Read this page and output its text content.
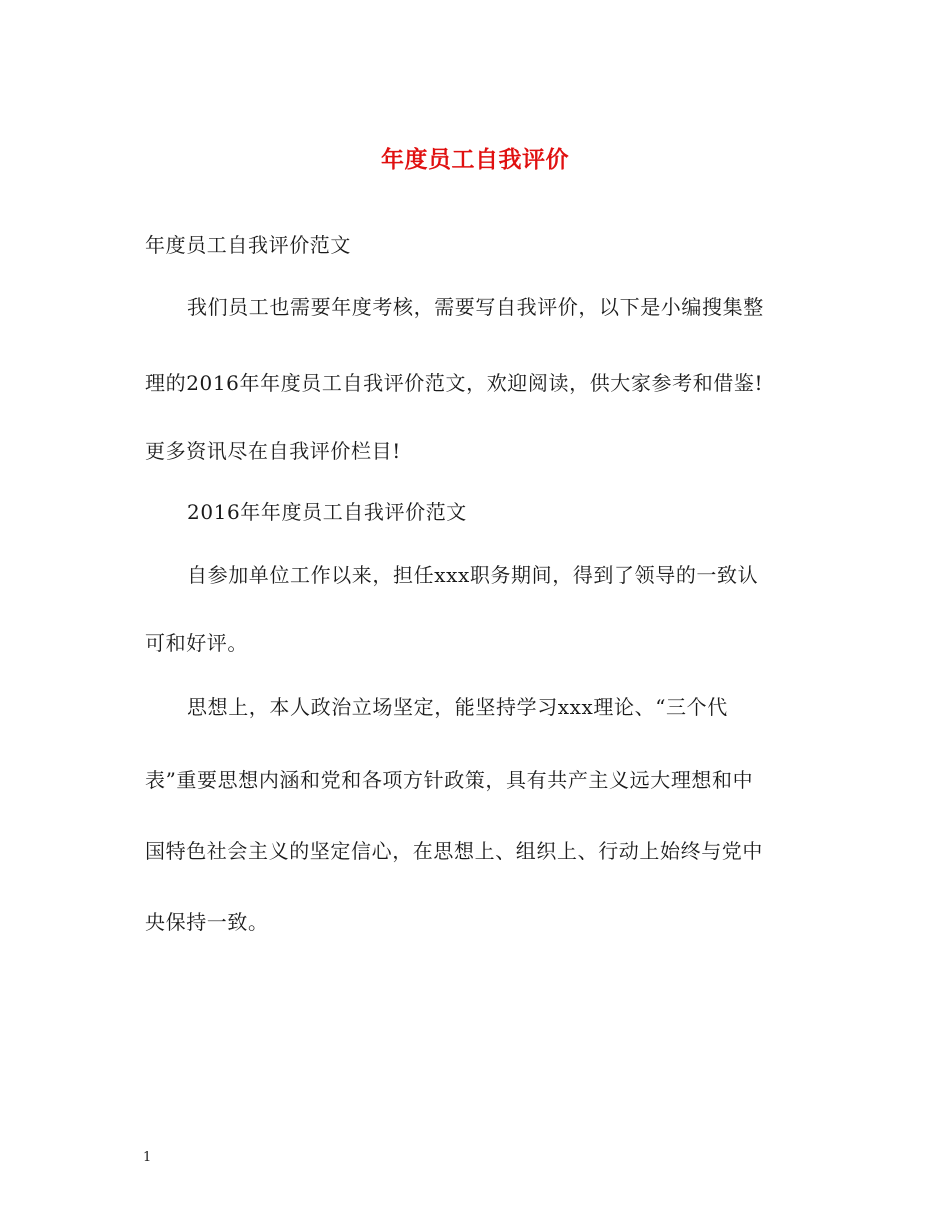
年度员工自我评价
年度员工自我评价范文
我们员工也需要年度考核，需要写自我评价，以下是小编搜集整
理的2016年年度员工自我评价范文，欢迎阅读，供大家参考和借鉴!
更多资讯尽在自我评价栏目!
2016年年度员工自我评价范文
自参加单位工作以来，担任xxx职务期间，得到了领导的一致认
可和好评。
思想上，本人政治立场坚定，能坚持学习xxx理论、“三个代
表”重要思想内涵和党和各项方针政策，具有共产主义远大理想和中
国特色社会主义的坚定信心，在思想上、组织上、行动上始终与党中
央保持一致。
1
